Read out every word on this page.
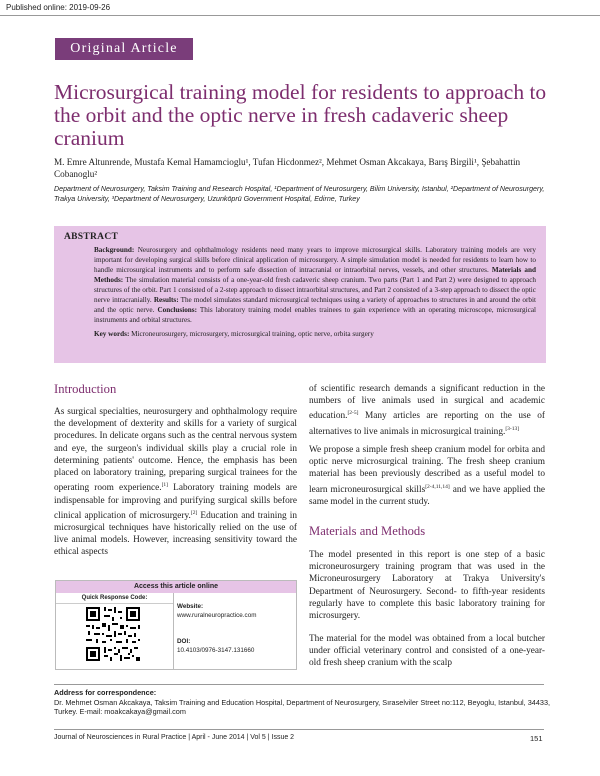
Published online: 2019-09-26
Original Article
Microsurgical training model for residents to approach to the orbit and the optic nerve in fresh cadaveric sheep cranium
M. Emre Altunrende, Mustafa Kemal Hamamcioglu¹, Tufan Hicdonmez², Mehmet Osman Akcakaya, Barış Birgili¹, Şebahattin Cobanoglu²
Department of Neurosurgery, Taksim Training and Research Hospital, ¹Department of Neurosurgery, Bilim University, Istanbul, ²Department of Neurosurgery, Trakya University, ³Department of Neurosurgery, Uzunköprü Government Hospital, Edirne, Turkey
ABSTRACT
Background: Neurosurgery and ophthalmology residents need many years to improve microsurgical skills. Laboratory training models are very important for developing surgical skills before clinical application of microsurgery. A simple simulation model is needed for residents to learn how to handle microsurgical instruments and to perform safe dissection of intracranial or intraorbital nerves, vessels, and other structures. Materials and Methods: The simulation material consists of a one-year-old fresh cadaveric sheep cranium. Two parts (Part 1 and Part 2) were designed to approach structures of the orbit. Part 1 consisted of a 2-step approach to dissect intraorbital structures, and Part 2 consisted of a 3-step approach to dissect the optic nerve intracranially. Results: The model simulates standard microsurgical techniques using a variety of approaches to structures in and around the orbit and the optic nerve. Conclusions: This laboratory training model enables trainees to gain experience with an operating microscope, microsurgical instruments and orbital structures.
Key words: Microneurosurgery, microsurgery, microsurgical training, optic nerve, orbita surgery
Introduction

As surgical specialties, neurosurgery and ophthalmology require the development of dexterity and skills for a variety of surgical procedures. In delicate organs such as the central nervous system and eye, the surgeon's individual skills play a crucial role in determining patients' outcome. Hence, the emphasis has been placed on laboratory training, preparing surgical trainees for the operating room experience.[1] Laboratory training models are indispensable for improving and purifying surgical skills before clinical application of microsurgery.[2] Education and training in microsurgical techniques have historically relied on the use of live animal models. However, increasing sensitivity toward the ethical aspects

Access this article online
Quick Response Code:
Website:
www.ruralneuropractice.com
DOI:
10.4103/0976-3147.131660

of scientific research demands a significant reduction in the numbers of live animals used in surgical and academic education.[2-5] Many articles are reporting on the use of alternatives to live animals in microsurgical training.[3-13]

We propose a simple fresh sheep cranium model for orbita and optic nerve microsurgical training. The fresh sheep cranium material has been previously described as a useful model to learn microneurosurgical skills[2-4,11,14] and we have applied the same model in the current study.

Materials and Methods

The model presented in this report is one step of a basic microneurosurgery training program that was used in the Microneurosurgery Laboratory at Trakya University's Department of Neurosurgery. Second- to fifth-year residents regularly have to complete this basic laboratory training for microsurgery.

The material for the model was obtained from a local butcher under official veterinary control and consisted of a one-year-old fresh sheep cranium with the scalp

Address for correspondence:
Dr. Mehmet Osman Akcakaya, Taksim Training and Education Hospital, Department of Neurosurgery, Sıraselviler Street no:112, Beyoglu, Istanbul, 34433, Turkey. E-mail: moakcakaya@gmail.com
Journal of Neurosciences in Rural Practice | April - June 2014 | Vol 5 | Issue 2	151
